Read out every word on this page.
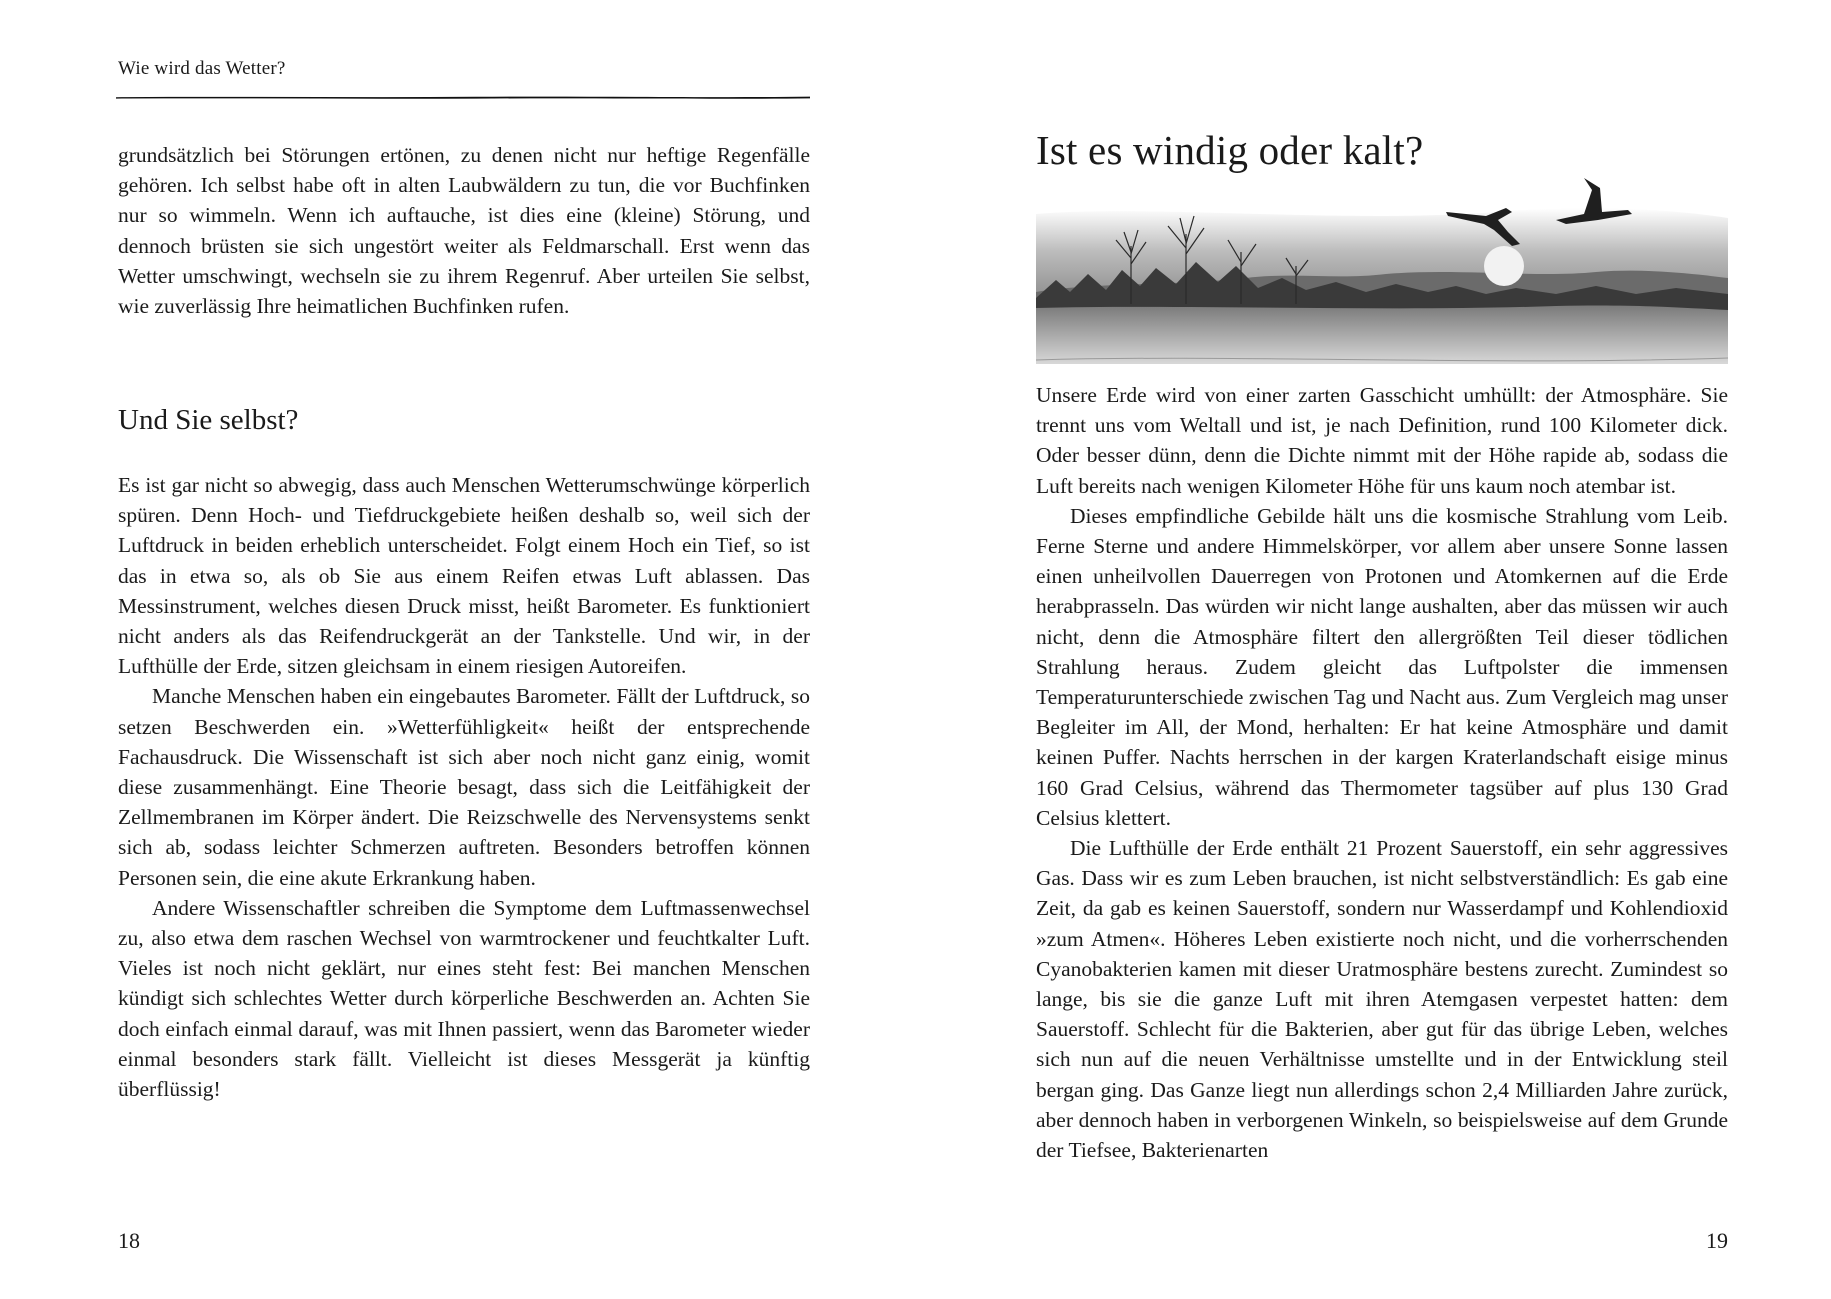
Wie wird das Wetter?

grundsätzlich bei Störungen ertönen, zu denen nicht nur heftige Regenfälle gehören. Ich selbst habe oft in alten Laubwäldern zu tun, die vor Buchfinken nur so wimmeln. Wenn ich auftauche, ist dies eine (kleine) Störung, und dennoch brüsten sie sich ungestört weiter als Feldmarschall. Erst wenn das Wetter umschwingt, wechseln sie zu ihrem Regenruf. Aber urteilen Sie selbst, wie zuverlässig Ihre heimatlichen Buchfinken rufen.

Und Sie selbst?

Es ist gar nicht so abwegig, dass auch Menschen Wetterumschwünge körperlich spüren. Denn Hoch- und Tiefdruckgebiete heißen deshalb so, weil sich der Luftdruck in beiden erheblich unterscheidet. Folgt einem Hoch ein Tief, so ist das in etwa so, als ob Sie aus einem Reifen etwas Luft ablassen. Das Messinstrument, welches diesen Druck misst, heißt Barometer. Es funktioniert nicht anders als das Reifendruckgerät an der Tankstelle. Und wir, in der Lufthülle der Erde, sitzen gleichsam in einem riesigen Autoreifen.

Manche Menschen haben ein eingebautes Barometer. Fällt der Luftdruck, so setzen Beschwerden ein. »Wetterfühligkeit« heißt der entsprechende Fachausdruck. Die Wissenschaft ist sich aber noch nicht ganz einig, womit diese zusammenhängt. Eine Theorie besagt, dass sich die Leitfähigkeit der Zellmembranen im Körper ändert. Die Reizschwelle des Nervensystems senkt sich ab, sodass leichter Schmerzen auftreten. Besonders betroffen können Personen sein, die eine akute Erkrankung haben.

Andere Wissenschaftler schreiben die Symptome dem Luftmassenwechsel zu, also etwa dem raschen Wechsel von warmtrockener und feuchtkalter Luft. Vieles ist noch nicht geklärt, nur eines steht fest: Bei manchen Menschen kündigt sich schlechtes Wetter durch körperliche Beschwerden an. Achten Sie doch einfach einmal darauf, was mit Ihnen passiert, wenn das Barometer wieder einmal besonders stark fällt. Vielleicht ist dieses Messgerät ja künftig überflüssig!

18
Ist es windig oder kalt?

Unsere Erde wird von einer zarten Gasschicht umhüllt: der Atmosphäre. Sie trennt uns vom Weltall und ist, je nach Definition, rund 100 Kilometer dick. Oder besser dünn, denn die Dichte nimmt mit der Höhe rapide ab, sodass die Luft bereits nach wenigen Kilometer Höhe für uns kaum noch atembar ist.

Dieses empfindliche Gebilde hält uns die kosmische Strahlung vom Leib. Ferne Sterne und andere Himmelskörper, vor allem aber unsere Sonne lassen einen unheilvollen Dauerregen von Protonen und Atomkernen auf die Erde herabprasseln. Das würden wir nicht lange aushalten, aber das müssen wir auch nicht, denn die Atmosphäre filtert den allergrößten Teil dieser tödlichen Strahlung heraus. Zudem gleicht das Luftpolster die immensen Temperaturunterschiede zwischen Tag und Nacht aus. Zum Vergleich mag unser Begleiter im All, der Mond, herhalten: Er hat keine Atmosphäre und damit keinen Puffer. Nachts herrschen in der kargen Kraterlandschaft eisige minus 160 Grad Celsius, während das Thermometer tagsüber auf plus 130 Grad Celsius klettert.

Die Lufthülle der Erde enthält 21 Prozent Sauerstoff, ein sehr aggressives Gas. Dass wir es zum Leben brauchen, ist nicht selbstverständlich: Es gab eine Zeit, da gab es keinen Sauerstoff, sondern nur Wasserdampf und Kohlendioxid »zum Atmen«. Höheres Leben existierte noch nicht, und die vorherrschenden Cyanobakterien kamen mit dieser Uratmosphäre bestens zurecht. Zumindest so lange, bis sie die ganze Luft mit ihren Atemgasen verpestet hatten: dem Sauerstoff. Schlecht für die Bakterien, aber gut für das übrige Leben, welches sich nun auf die neuen Verhältnisse umstellte und in der Entwicklung steil bergan ging. Das Ganze liegt nun allerdings schon 2,4 Milliarden Jahre zurück, aber dennoch haben in verborgenen Winkeln, so beispielsweise auf dem Grunde der Tiefsee, Bakterienarten

19
